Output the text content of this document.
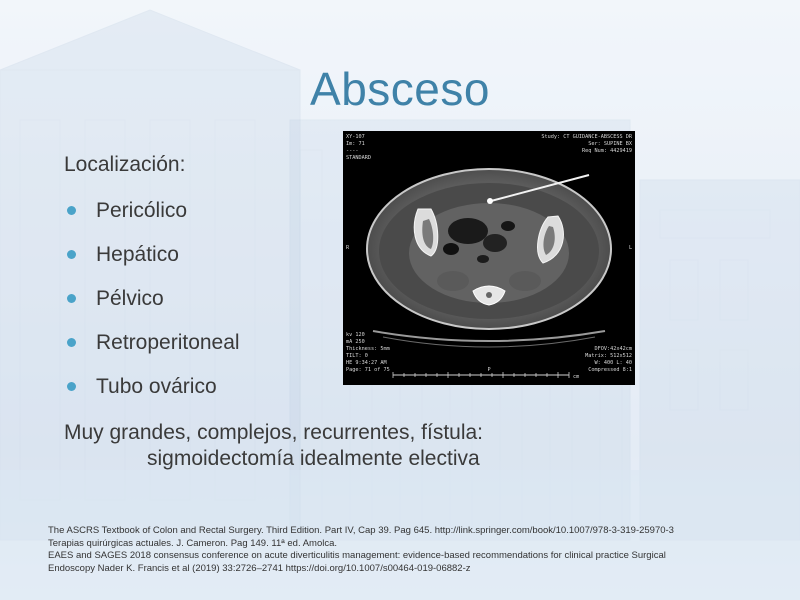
Absceso
Localización:
Pericólico
Hepático
Pélvico
Retroperitoneal
Tubo ovárico
Muy grandes, complejos, recurrentes, fístula:
sigmoidectomía idealmente electiva
The ASCRS Textbook of Colon and Rectal Surgery. Third Edition. Part IV, Cap 39. Pag 645. http://link.springer.com/book/10.1007/978-3-319-25970-3
Terapias quirúrgicas actuales. J. Cameron. Pag 149. 11ª ed. Amolca.
EAES and SAGES 2018 consensus conference on acute diverticulitis management: evidence-based recommendations for clinical practice Surgical
Endoscopy Nader K. Francis et al (2019) 33:2726–2741 https://doi.org/10.1007/s00464-019-06882-z
XY-107
Im: 71
----
STANDARD
Study: CT GUIDANCE-ABSCESS DR
Ser: SUPINE BX
Req Num: 4429419
R	L
kv 120
mA 250
Thickness: 5mm
TILT: 0
HE 9:34:27 AM
Page: 71 of 75
DFOV:42x42cm
Matrix: 512x512
W: 400 L: 40
Compressed 8:1
P
cm
